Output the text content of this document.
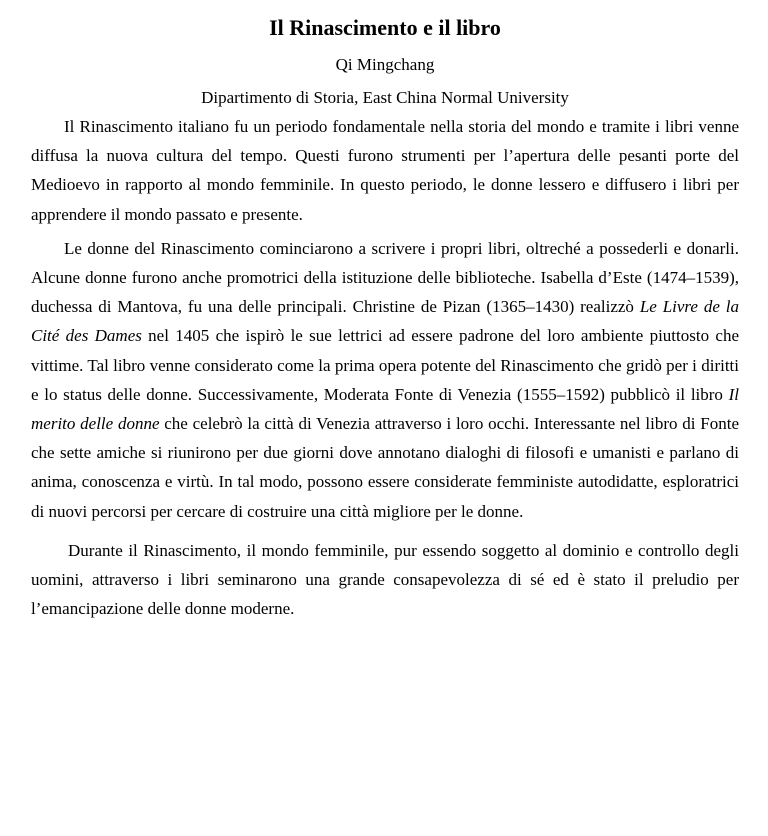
Il Rinascimento e il libro

Qi Mingchang

Dipartimento di Storia, East China Normal University

Il Rinascimento italiano fu un periodo fondamentale nella storia del mondo e tramite i libri venne diffusa la nuova cultura del tempo. Questi furono strumenti per l’apertura delle pesanti porte del Medioevo in rapporto al mondo femminile. In questo periodo, le donne lessero e diffusero i libri per apprendere il mondo passato e presente.

Le donne del Rinascimento cominciarono a scrivere i propri libri, oltreché a possederli e donarli. Alcune donne furono anche promotrici della istituzione delle biblioteche. Isabella d’Este (1474–1539), duchessa di Mantova, fu una delle principali. Christine de Pizan (1365–1430) realizzò Le Livre de la Cité des Dames nel 1405 che ispirò le sue lettrici ad essere padrone del loro ambiente piuttosto che vittime. Tal libro venne considerato come la prima opera potente del Rinascimento che gridò per i diritti e lo status delle donne. Successivamente, Moderata Fonte di Venezia (1555–1592) pubblicò il libro Il merito delle donne che celebrò la città di Venezia attraverso i loro occhi. Interessante nel libro di Fonte che sette amiche si riunirono per due giorni dove annotano dialoghi di filosofi e umanisti e parlano di anima, conoscenza e virtù. In tal modo, possono essere considerate femministe autodidatte, esploratrici di nuovi percorsi per cercare di costruire una città migliore per le donne.

Durante il Rinascimento, il mondo femminile, pur essendo soggetto al dominio e controllo degli uomini, attraverso i libri seminarono una grande consapevolezza di sé ed è stato il preludio per l’emancipazione delle donne moderne.
